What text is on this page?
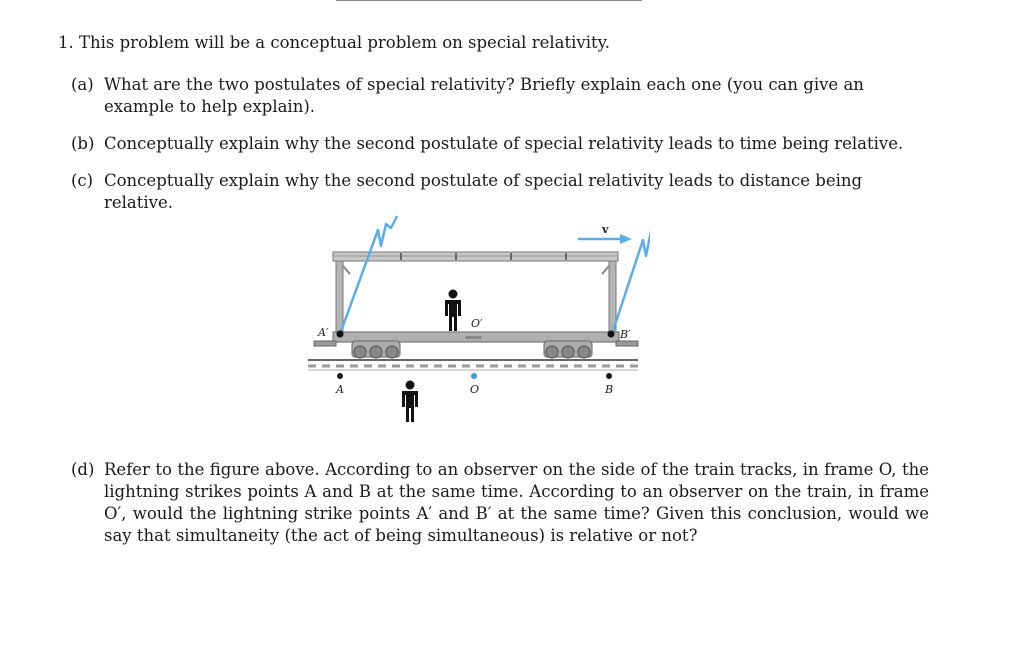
1. This problem will be a conceptual problem on special relativity.
(a) What are the two postulates of special relativity? Briefly explain each one (you can give an example to help explain).
(b) Conceptually explain why the second postulate of special relativity leads to time being relative.
(c) Conceptually explain why the second postulate of special relativity leads to distance being relative.
v
A′	B′
O′
A	O	B
(d) Refer to the figure above. According to an observer on the side of the train tracks, in frame O, the lightning strikes points A and B at the same time. According to an observer on the train, in frame O′, would the lightning strike points A′ and B′ at the same time? Given this conclusion, would we say that simultaneity (the act of being simultaneous) is relative or not?
